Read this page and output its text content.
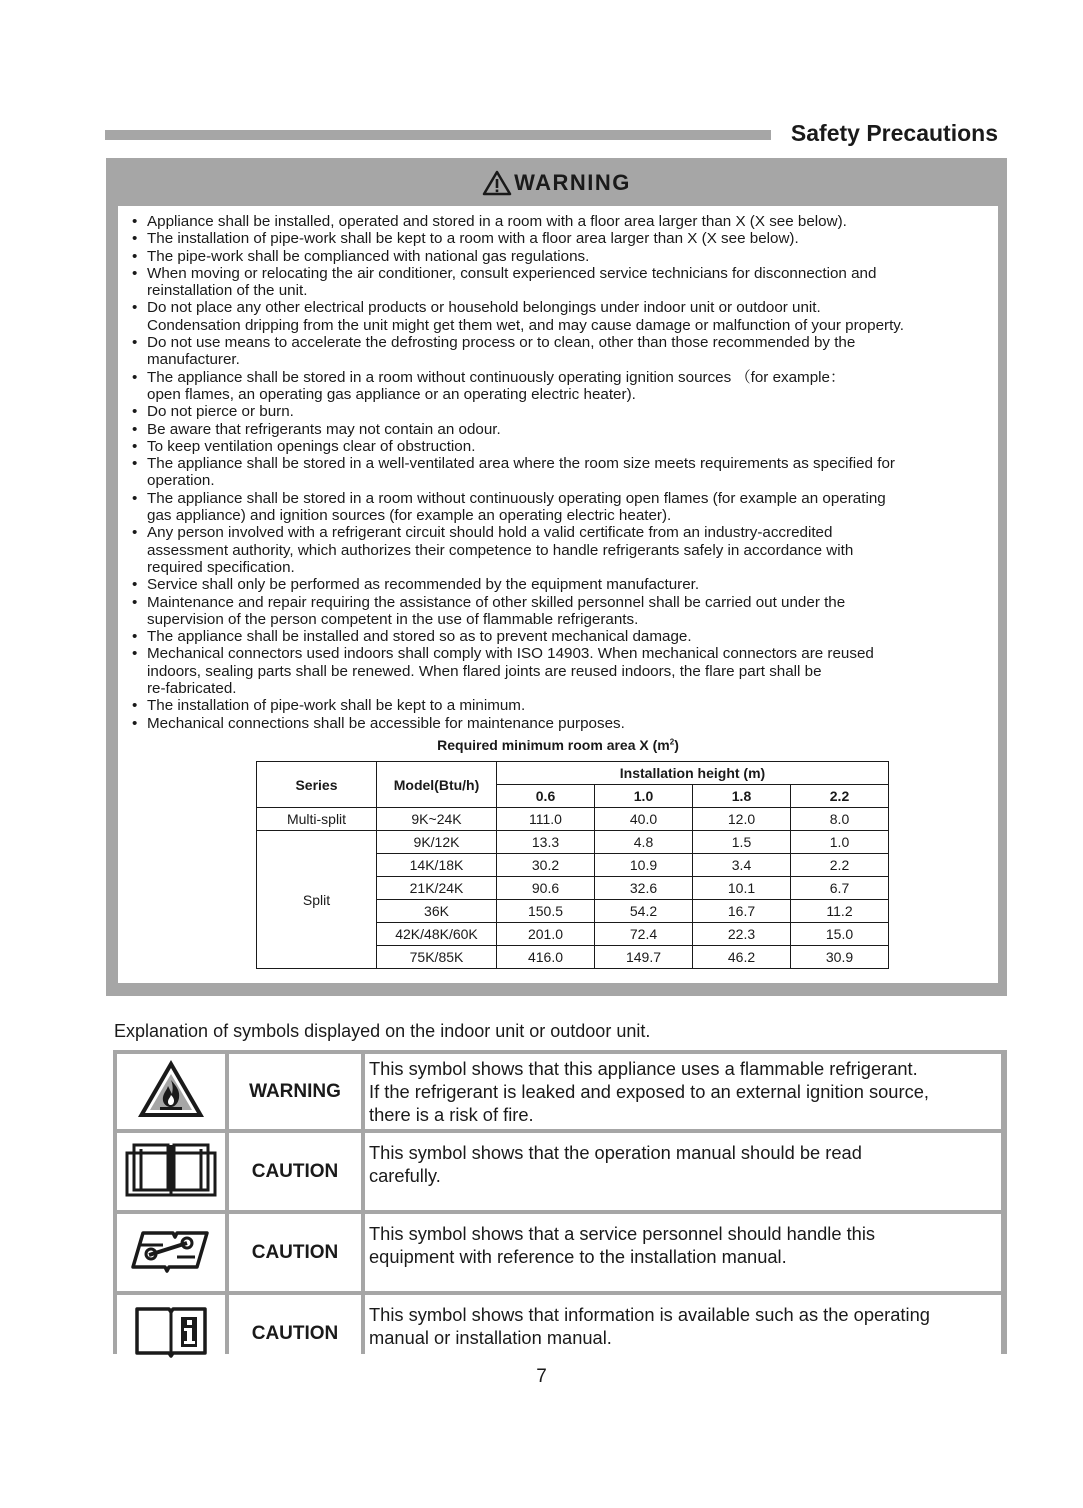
Safety Precautions
WARNING
• Appliance shall be installed, operated and stored in a room with a floor area larger than X (X see below).
• The installation of pipe-work shall be kept to a room with a floor area larger than X (X see below).
• The pipe-work shall be complianced with national gas regulations.
• When moving or relocating the air conditioner, consult experienced service technicians for disconnection and
reinstallation of the unit.
• Do not place any other electrical products or household belongings under indoor unit or outdoor unit.
Condensation dripping from the unit might get them wet, and may cause damage or malfunction of your property.
• Do not use means to accelerate the defrosting process or to clean, other than those recommended by the
manufacturer.
• The appliance shall be stored in a room without continuously operating ignition sources （for example：
open flames, an operating gas appliance or an operating electric heater).
• Do not pierce or burn.
• Be aware that refrigerants may not contain an odour.
• To keep ventilation openings clear of obstruction.
• The appliance shall be stored in a well-ventilated area where the room size meets requirements as specified for
operation.
• The appliance shall be stored in a room without continuously operating open flames (for example an operating
gas appliance) and ignition sources (for example an operating electric heater).
• Any person involved with a refrigerant circuit should hold a valid certificate from an industry-accredited
assessment authority, which authorizes their competence to handle refrigerants safely in accordance with
required specification.
• Service shall only be performed as recommended by the equipment manufacturer.
• Maintenance and repair requiring the assistance of other skilled personnel shall be carried out under the
supervision of the person competent in the use of flammable refrigerants.
• The appliance shall be installed and stored so as to prevent mechanical damage.
• Mechanical connectors used indoors shall comply with ISO 14903. When mechanical connectors are reused
indoors, sealing parts shall be renewed. When flared joints are reused indoors, the flare part shall be
re-fabricated.
• The installation of pipe-work shall be kept to a minimum.
• Mechanical connections shall be accessible for maintenance purposes.
Required minimum room area X $(m^2)$
Series	Model(Btu/h)	Installation height (m)			
		0.6	1.0	1.8	2.2
Multi-split	9K~24K	111.0	40.0	12.0	8.0
Split	9K/12K	13.3	4.8	1.5	1.0
	14K/18K	30.2	10.9	3.4	2.2
	21K/24K	90.6	32.6	10.1	6.7
	36K	150.5	54.2	16.7	11.2
	42K/48K/60K	201.0	72.4	22.3	15.0
	75K/85K	416.0	149.7	46.2	30.9
Explanation of symbols displayed on the indoor unit or outdoor unit.
	WARNING	This symbol shows that this appliance uses a flammable refrigerant.
If the refrigerant is leaked and exposed to an external ignition source,
there is a risk of fire.

	CAUTION	This symbol shows that the operation manual should be read
carefully.

	CAUTION	This symbol shows that a service personnel should handle this
equipment with reference to the installation manual.

	CAUTION	This symbol shows that information is available such as the operating
manual or installation manual.
7
